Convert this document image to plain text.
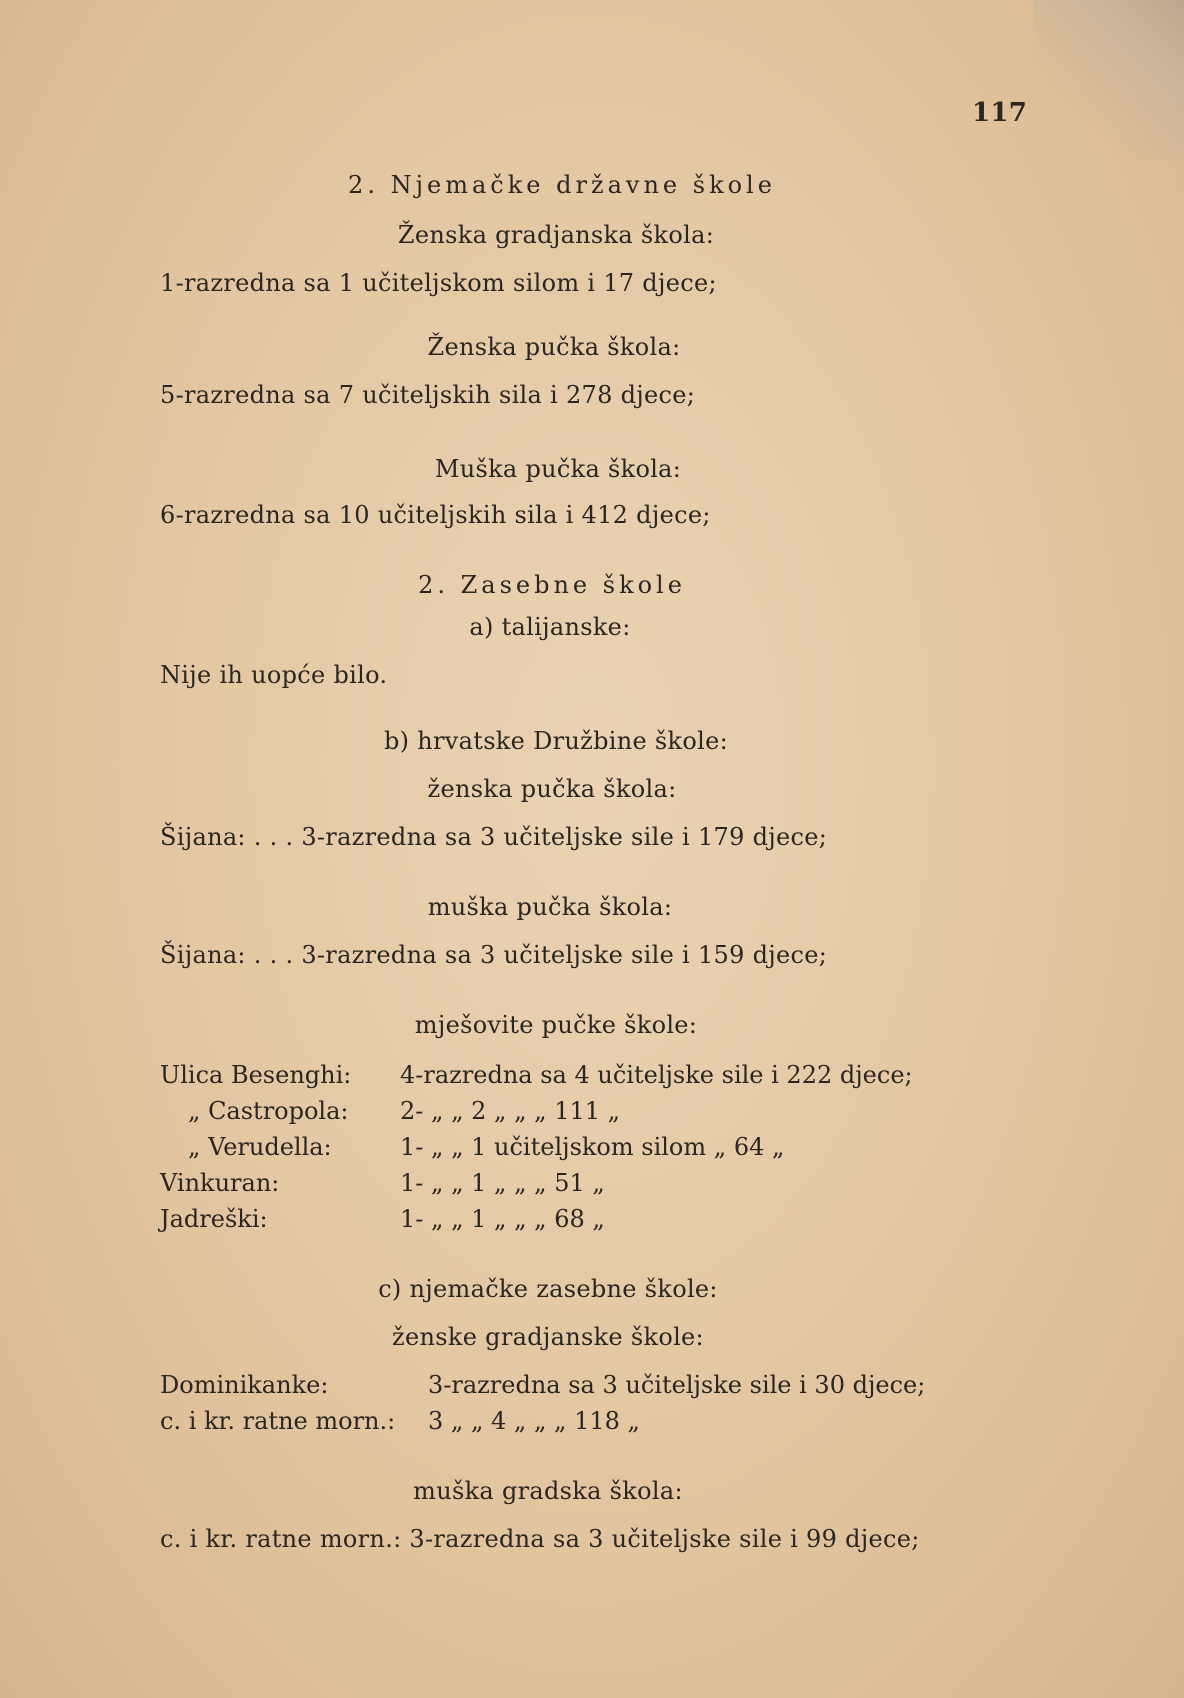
117
2. Njemačke državne škole
Ženska gradjanska škola:
1-razredna sa 1 učiteljskom silom i 17 djece;
Ženska pučka škola:
5-razredna sa 7 učiteljskih sila i 278 djece;
Muška pučka škola:
6-razredna sa 10 učiteljskih sila i 412 djece;
2. Zasebne škole
a) talijanske:
Nije ih uopće bilo.
b) hrvatske Družbine škole:
ženska pučka škola:
Šijana: . . . 3-razredna sa 3 učiteljske sile i 179 djece;
muška pučka škola:
Šijana: . . . 3-razredna sa 3 učiteljske sile i 159 djece;
mješovite pučke škole:
Ulica Besenghi: 4-razredna sa 4 učiteljske sile i 222 djece;
„ Castropola: 2- „ „ 2 „ „ „ 111 „
„ Verudella:	1- „ „ 1 učiteljskom silom „ 64 „
Vinkuran:	1- „ „ 1 „ „ „ 51 „
Jadreški:	1- „ „ 1 „ „ „ 68 „
c) njemačke zasebne škole:
ženske gradjanske škole:
Dominikanke:	3-razredna sa 3 učiteljske sile i 30 djece;
c. i kr. ratne morn.: 3 „ „ 4 „ „ „ 118 „
muška gradska škola:
c. i kr. ratne morn.: 3-razredna sa 3 učiteljske sile i 99 djece;
